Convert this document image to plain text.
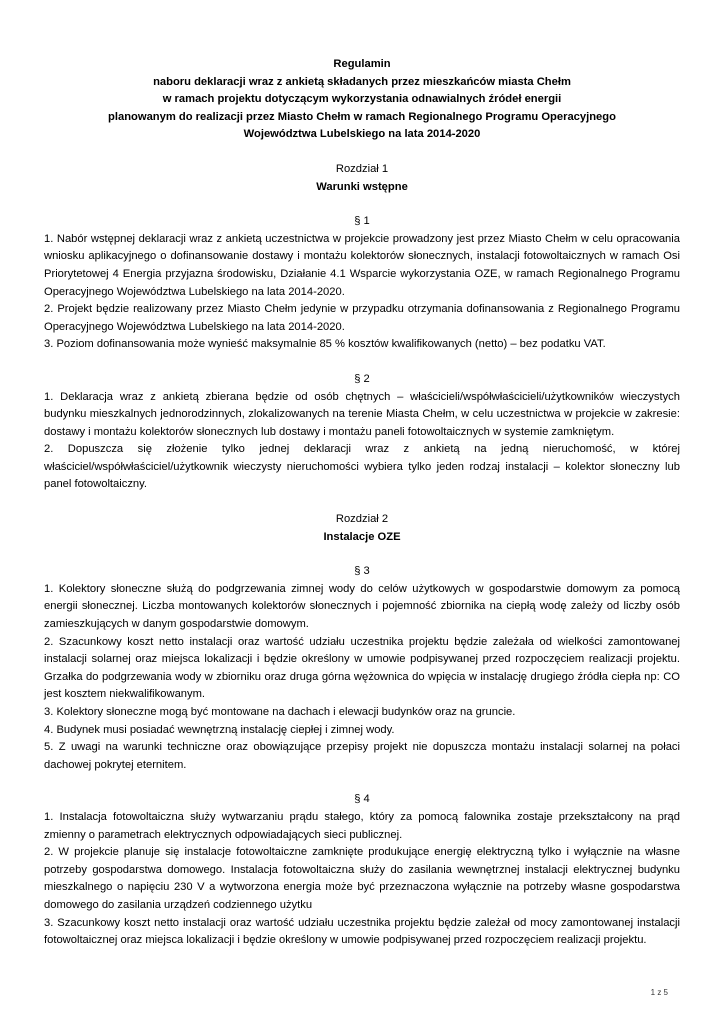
Regulamin

naboru deklaracji wraz z ankietą składanych przez mieszkańców miasta Chełm

w ramach projektu dotyczącym wykorzystania odnawialnych źródeł energii

planowanym do realizacji przez Miasto Chełm w ramach Regionalnego Programu Operacyjnego

Województwa Lubelskiego na lata 2014-2020

Rozdział 1

Warunki wstępne

§ 1

1. Nabór wstępnej deklaracji wraz z ankietą uczestnictwa w projekcie prowadzony jest przez Miasto Chełm w celu opracowania wniosku aplikacyjnego o dofinansowanie dostawy i montażu kolektorów słonecznych, instalacji fotowoltaicznych w ramach Osi Priorytetowej 4 Energia przyjazna środowisku, Działanie 4.1 Wsparcie wykorzystania OZE, w ramach Regionalnego Programu Operacyjnego Województwa Lubelskiego na lata 2014-2020.

2. Projekt będzie realizowany przez Miasto Chełm jedynie w przypadku otrzymania dofinansowania z Regionalnego Programu Operacyjnego Województwa Lubelskiego na lata 2014-2020.

3. Poziom dofinansowania może wynieść maksymalnie 85 % kosztów kwalifikowanych (netto) – bez podatku VAT.

§ 2

1. Deklaracja wraz z ankietą zbierana będzie od osób chętnych – właścicieli/współwłaścicieli/użytkowników wieczystych budynku mieszkalnych jednorodzinnych, zlokalizowanych na terenie Miasta Chełm, w celu uczestnictwa w projekcie w zakresie: dostawy i montażu kolektorów słonecznych lub dostawy i montażu paneli fotowoltaicznych w systemie zamkniętym.

2. Dopuszcza się złożenie tylko jednej deklaracji wraz z ankietą na jedną nieruchomość, w której właściciel/współwłaściciel/użytkownik wieczysty nieruchomości wybiera tylko jeden rodzaj instalacji – kolektor słoneczny lub panel fotowoltaiczny.

Rozdział 2

Instalacje OZE

§ 3

1. Kolektory słoneczne służą do podgrzewania zimnej wody do celów użytkowych w gospodarstwie domowym za pomocą energii słonecznej. Liczba montowanych kolektorów słonecznych i pojemność zbiornika na ciepłą wodę zależy od liczby osób zamieszkujących w danym gospodarstwie domowym.

2. Szacunkowy koszt netto instalacji oraz wartość udziału uczestnika projektu będzie zależała od wielkości zamontowanej instalacji solarnej oraz miejsca lokalizacji i będzie określony w umowie podpisywanej przed rozpoczęciem realizacji projektu. Grzałka do podgrzewania wody w zbiorniku oraz druga górna wężownica do wpięcia w instalację drugiego źródła ciepła np: CO jest kosztem niekwalifikowanym.

3. Kolektory słoneczne mogą być montowane na dachach i elewacji budynków oraz na gruncie.

4. Budynek musi posiadać wewnętrzną instalację ciepłej i zimnej wody.

5. Z uwagi na warunki techniczne oraz obowiązujące przepisy projekt nie dopuszcza montażu instalacji solarnej na połaci dachowej pokrytej eternitem.

§ 4

1. Instalacja fotowoltaiczna służy wytwarzaniu prądu stałego, który za pomocą falownika zostaje przekształcony na prąd zmienny o parametrach elektrycznych odpowiadających sieci publicznej.

2. W projekcie planuje się instalacje fotowoltaiczne zamknięte produkujące energię elektryczną tylko i wyłącznie na własne potrzeby gospodarstwa domowego. Instalacja fotowoltaiczna służy do zasilania wewnętrznej instalacji elektrycznej budynku mieszkalnego o napięciu 230 V a wytworzona energia może być przeznaczona wyłącznie na potrzeby własne gospodarstwa domowego do zasilania urządzeń codziennego użytku

3. Szacunkowy koszt netto instalacji oraz wartość udziału uczestnika projektu będzie zależał od mocy zamontowanej instalacji fotowoltaicznej oraz miejsca lokalizacji i będzie określony w umowie podpisywanej przed rozpoczęciem realizacji projektu.

1 z 5
